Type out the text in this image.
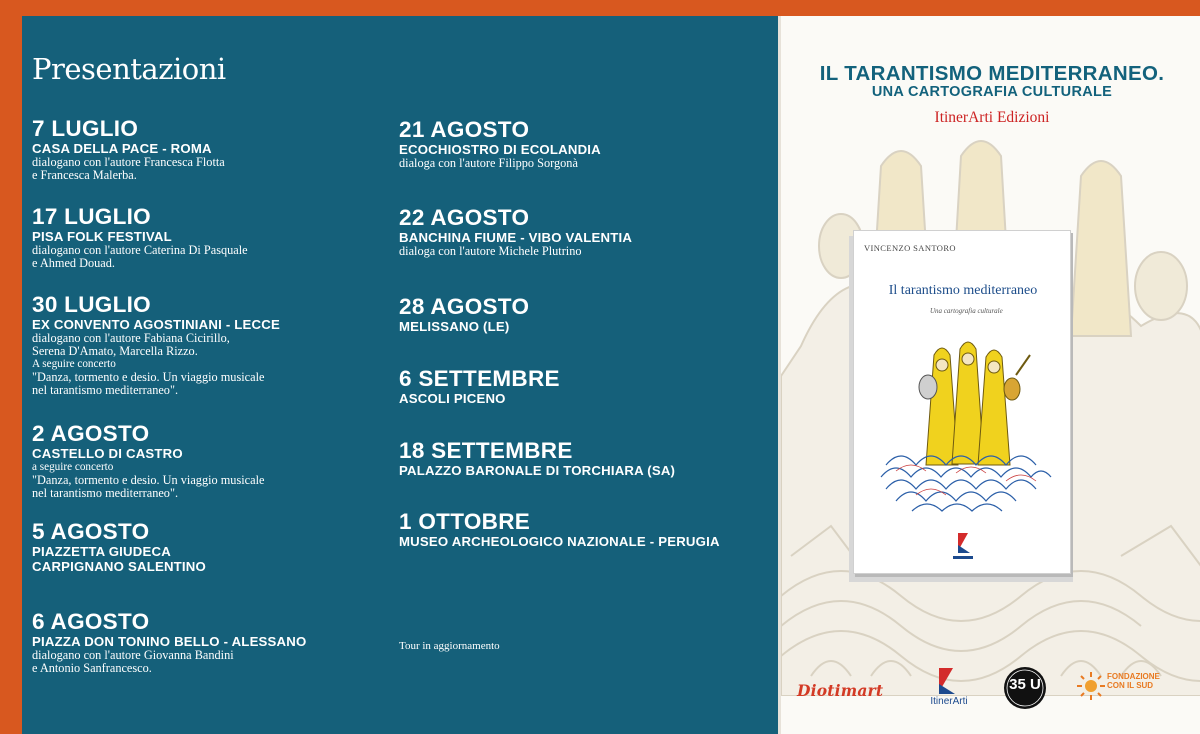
Presentazioni
7 LUGLIO
CASA DELLA PACE - ROMA
dialogano con l'autore Francesca Flotta
e Francesca Malerba.
17 LUGLIO
PISA FOLK FESTIVAL
dialogano con l'autore Caterina Di Pasquale
e Ahmed Douad.
30 LUGLIO
EX CONVENTO AGOSTINIANI - LECCE
dialogano con l'autore Fabiana Cicirillo,
Serena D'Amato, Marcella Rizzo.
A seguire concerto
"Danza, tormento e desio. Un viaggio musicale
nel tarantismo mediterraneo".
2 AGOSTO
CASTELLO DI CASTRO
a seguire concerto
"Danza, tormento e desio. Un viaggio musicale
nel tarantismo mediterraneo".
5 AGOSTO
PIAZZETTA GIUDECA
CARPIGNANO SALENTINO
6 AGOSTO
PIAZZA DON TONINO BELLO - ALESSANO
dialogano con l'autore Giovanna Bandini
e Antonio Sanfrancesco.
21 AGOSTO
ECOCHIOSTRO DI ECOLANDIA
dialoga con l'autore Filippo Sorgonà
22 AGOSTO
BANCHINA FIUME - VIBO VALENTIA
dialoga con l'autore Michele Plutrino
28 AGOSTO
MELISSANO (LE)
6 SETTEMBRE
ASCOLI PICENO
18 SETTEMBRE
PALAZZO BARONALE DI TORCHIARA (SA)
1 OTTOBRE
MUSEO ARCHEOLOGICO NAZIONALE - PERUGIA
Tour in aggiornamento
IL TARANTISMO MEDITERRANEO.
UNA CARTOGRAFIA CULTURALE
ItinerArti Edizioni
VINCENZO SANTORO
Il tarantismo mediterraneo
Una cartografia culturale
Diotimart
ItinerArti
35 U	FONDAZIONE CON IL SUD
